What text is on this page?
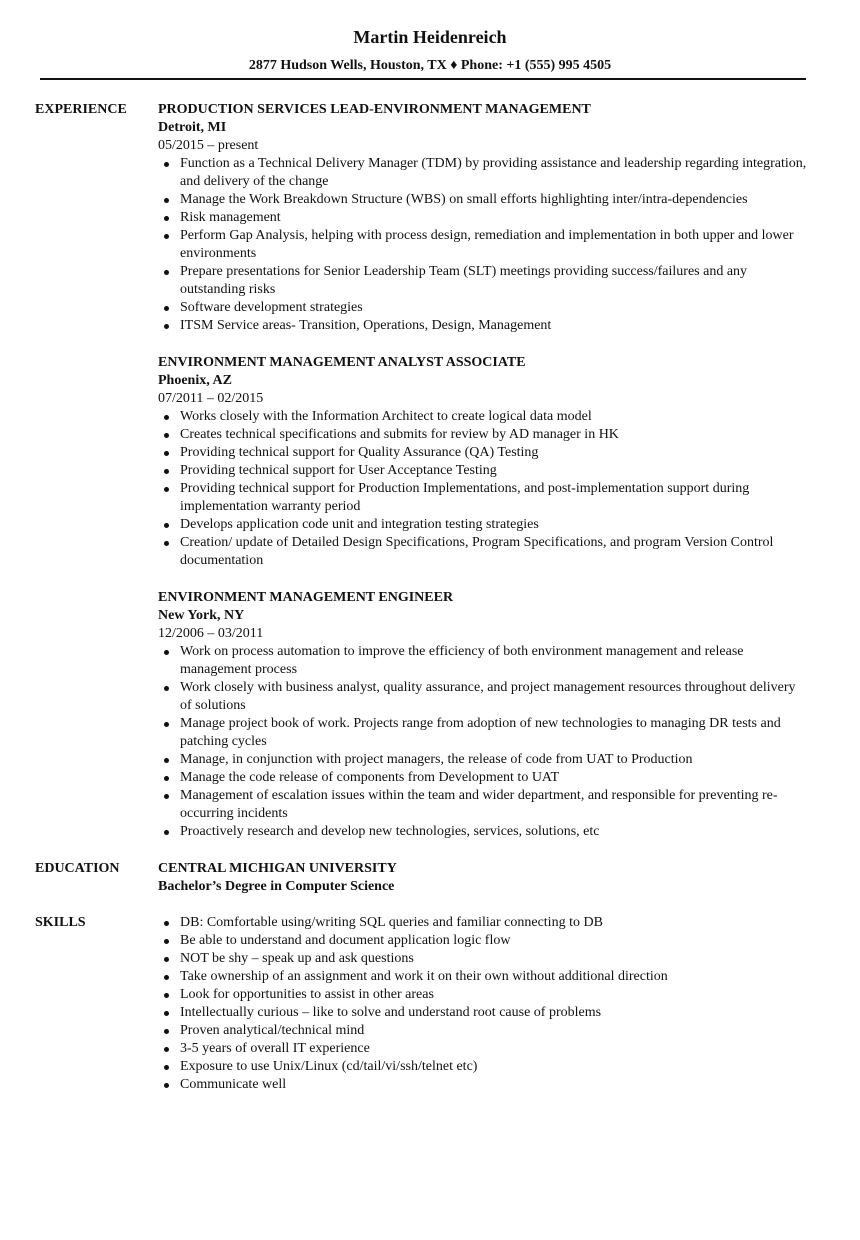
Martin Heidenreich
2877 Hudson Wells, Houston, TX ♦ Phone: +1 (555) 995 4505
EXPERIENCE PRODUCTION SERVICES LEAD-ENVIRONMENT MANAGEMENT
Detroit, MI
05/2015 – present
Function as a Technical Delivery Manager (TDM) by providing assistance and leadership regarding integration, and delivery of the change
Manage the Work Breakdown Structure (WBS) on small efforts highlighting inter/intra-dependencies
Risk management
Perform Gap Analysis, helping with process design, remediation and implementation in both upper and lower environments
Prepare presentations for Senior Leadership Team (SLT) meetings providing success/failures and any outstanding risks
Software development strategies
ITSM Service areas- Transition, Operations, Design, Management
ENVIRONMENT MANAGEMENT ANALYST ASSOCIATE
Phoenix, AZ
07/2011 – 02/2015
Works closely with the Information Architect to create logical data model
Creates technical specifications and submits for review by AD manager in HK
Providing technical support for Quality Assurance (QA) Testing
Providing technical support for User Acceptance Testing
Providing technical support for Production Implementations, and post-implementation support during implementation warranty period
Develops application code unit and integration testing strategies
Creation/ update of Detailed Design Specifications, Program Specifications, and program Version Control documentation
ENVIRONMENT MANAGEMENT ENGINEER
New York, NY
12/2006 – 03/2011
Work on process automation to improve the efficiency of both environment management and release management process
Work closely with business analyst, quality assurance, and project management resources throughout delivery of solutions
Manage project book of work. Projects range from adoption of new technologies to managing DR tests and patching cycles
Manage, in conjunction with project managers, the release of code from UAT to Production
Manage the code release of components from Development to UAT
Management of escalation issues within the team and wider department, and responsible for preventing re-occurring incidents
Proactively research and develop new technologies, services, solutions, etc
EDUCATION	CENTRAL MICHIGAN UNIVERSITY
Bachelor’s Degree in Computer Science
SKILLS	DB: Comfortable using/writing SQL queries and familiar connecting to DB
Be able to understand and document application logic flow
NOT be shy – speak up and ask questions
Take ownership of an assignment and work it on their own without additional direction
Look for opportunities to assist in other areas
Intellectually curious – like to solve and understand root cause of problems
Proven analytical/technical mind
3-5 years of overall IT experience
Exposure to use Unix/Linux (cd/tail/vi/ssh/telnet etc)
Communicate well
